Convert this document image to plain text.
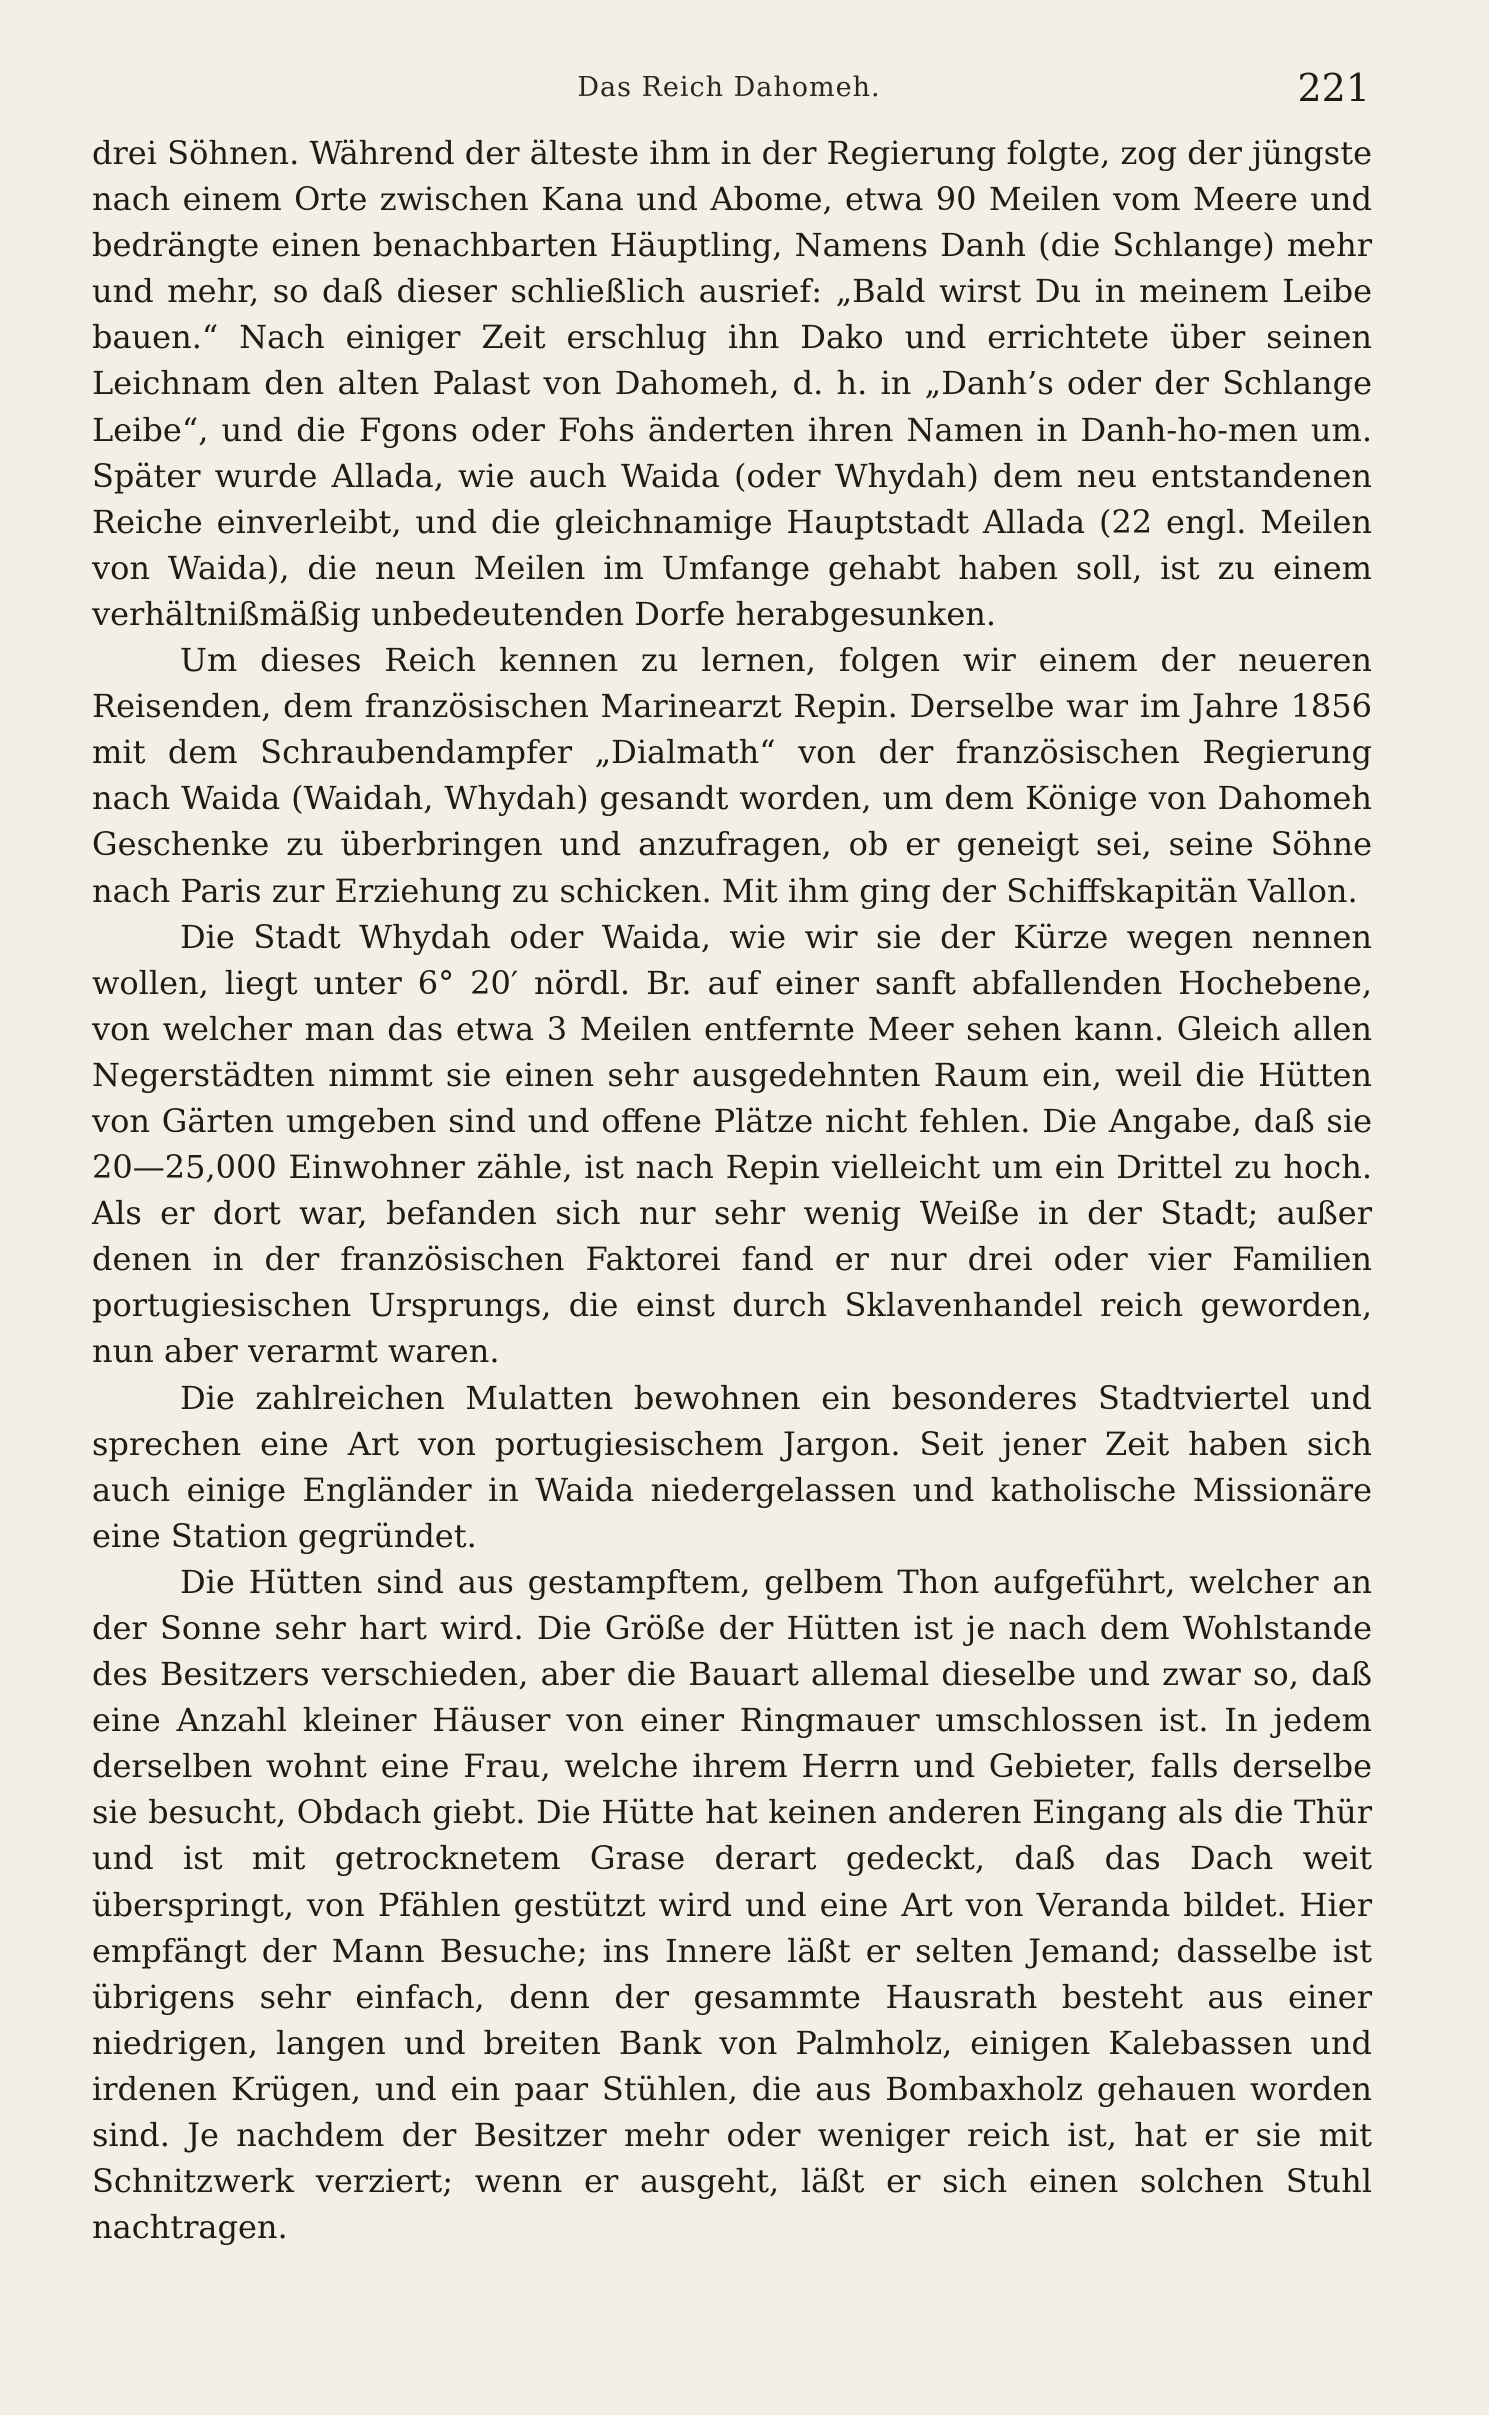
Das Reich Dahomeh.	221

drei Söhnen. Während der älteste ihm in der Regierung folgte, zog der jüngste nach einem Orte zwischen Kana und Abome, etwa 90 Meilen vom Meere und bedrängte einen benachbarten Häuptling, Namens Danh (die Schlange) mehr und mehr, so daß dieser schließlich ausrief: „Bald wirst Du in meinem Leibe bauen.“ Nach einiger Zeit erschlug ihn Dako und errichtete über seinen Leichnam den alten Palast von Dahomeh, d. h. in „Danh’s oder der Schlange Leibe“, und die Fgons oder Fohs änderten ihren Namen in Danh-ho-men um. Später wurde Allada, wie auch Waida (oder Whydah) dem neu entstandenen Reiche einverleibt, und die gleichnamige Hauptstadt Allada (22 engl. Meilen von Waida), die neun Meilen im Umfange gehabt haben soll, ist zu einem verhältnißmäßig unbedeutenden Dorfe herabgesunken.

Um dieses Reich kennen zu lernen, folgen wir einem der neueren Reisenden, dem französischen Marinearzt Repin. Derselbe war im Jahre 1856 mit dem Schraubendampfer „Dialmath“ von der französischen Regierung nach Waida (Waidah, Whydah) gesandt worden, um dem Könige von Dahomeh Geschenke zu überbringen und anzufragen, ob er geneigt sei, seine Söhne nach Paris zur Erziehung zu schicken. Mit ihm ging der Schiffskapitän Vallon.

Die Stadt Whydah oder Waida, wie wir sie der Kürze wegen nennen wollen, liegt unter 6° 20′ nördl. Br. auf einer sanft abfallenden Hochebene, von welcher man das etwa 3 Meilen entfernte Meer sehen kann. Gleich allen Negerstädten nimmt sie einen sehr ausgedehnten Raum ein, weil die Hütten von Gärten umgeben sind und offene Plätze nicht fehlen. Die Angabe, daß sie 20—25,000 Einwohner zähle, ist nach Repin vielleicht um ein Drittel zu hoch. Als er dort war, befanden sich nur sehr wenig Weiße in der Stadt; außer denen in der französischen Faktorei fand er nur drei oder vier Familien portugiesischen Ursprungs, die einst durch Sklavenhandel reich geworden, nun aber verarmt waren.

Die zahlreichen Mulatten bewohnen ein besonderes Stadtviertel und sprechen eine Art von portugiesischem Jargon. Seit jener Zeit haben sich auch einige Engländer in Waida niedergelassen und katholische Missionäre eine Station gegründet.

Die Hütten sind aus gestampftem, gelbem Thon aufgeführt, welcher an der Sonne sehr hart wird. Die Größe der Hütten ist je nach dem Wohlstande des Besitzers verschieden, aber die Bauart allemal dieselbe und zwar so, daß eine Anzahl kleiner Häuser von einer Ringmauer umschlossen ist. In jedem derselben wohnt eine Frau, welche ihrem Herrn und Gebieter, falls derselbe sie besucht, Obdach giebt. Die Hütte hat keinen anderen Eingang als die Thür und ist mit getrocknetem Grase derart gedeckt, daß das Dach weit überspringt, von Pfählen gestützt wird und eine Art von Veranda bildet. Hier empfängt der Mann Besuche; ins Innere läßt er selten Jemand; dasselbe ist übrigens sehr einfach, denn der gesammte Hausrath besteht aus einer niedrigen, langen und breiten Bank von Palmholz, einigen Kalebassen und irdenen Krügen, und ein paar Stühlen, die aus Bombaxholz gehauen worden sind. Je nachdem der Besitzer mehr oder weniger reich ist, hat er sie mit Schnitzwerk verziert; wenn er ausgeht, läßt er sich einen solchen Stuhl nachtragen.
